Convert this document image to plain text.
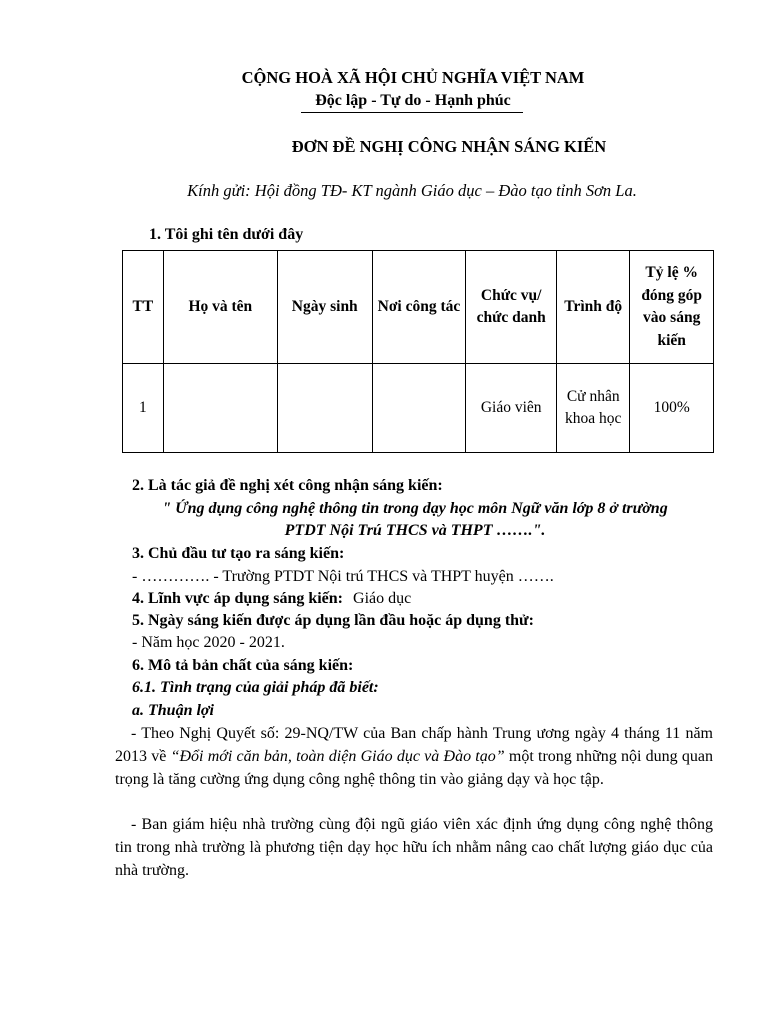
CỘNG HOÀ XÃ HỘI CHỦ NGHĨA VIỆT NAM
Độc lập - Tự do - Hạnh phúc
ĐƠN ĐỀ NGHỊ CÔNG NHẬN SÁNG KIẾN
Kính gửi: Hội đồng TĐ- KT ngành Giáo dục – Đào tạo tỉnh Sơn La.
1. Tôi ghi tên dưới đây
TT	Họ và tên	Ngày sinh	Nơi công tác	Chức vụ/ chức danh	Trình độ	Tỷ lệ % đóng góp vào sáng kiến
1				Giáo viên	Cử nhân khoa học	100%
2. Là tác giả đề nghị xét công nhận sáng kiến:
" Ứng dụng công nghệ thông tin trong dạy học môn Ngữ văn lớp 8 ở trường
PTDT Nội Trú THCS và THPT …….".
3. Chủ đầu tư tạo ra sáng kiến:
- …………. - Trường PTDT Nội trú THCS và THPT huyện …….
4. Lĩnh vực áp dụng sáng kiến: Giáo dục
5. Ngày sáng kiến được áp dụng lần đầu hoặc áp dụng thử:
- Năm học 2020 - 2021.
6. Mô tả bản chất của sáng kiến:
6.1. Tình trạng của giải pháp đã biết:
a. Thuận lợi
- Theo Nghị Quyết số: 29-NQ/TW của Ban chấp hành Trung ương ngày 4 tháng 11 năm 2013 về “Đổi mới căn bản, toàn diện Giáo dục và Đào tạo” một trong những nội dung quan trọng là tăng cường ứng dụng công nghệ thông tin vào giảng dạy và học tập.
- Ban giám hiệu nhà trường cùng đội ngũ giáo viên xác định ứng dụng công nghệ thông tin trong nhà trường là phương tiện dạy học hữu ích nhằm nâng cao chất lượng giáo dục của nhà trường.
